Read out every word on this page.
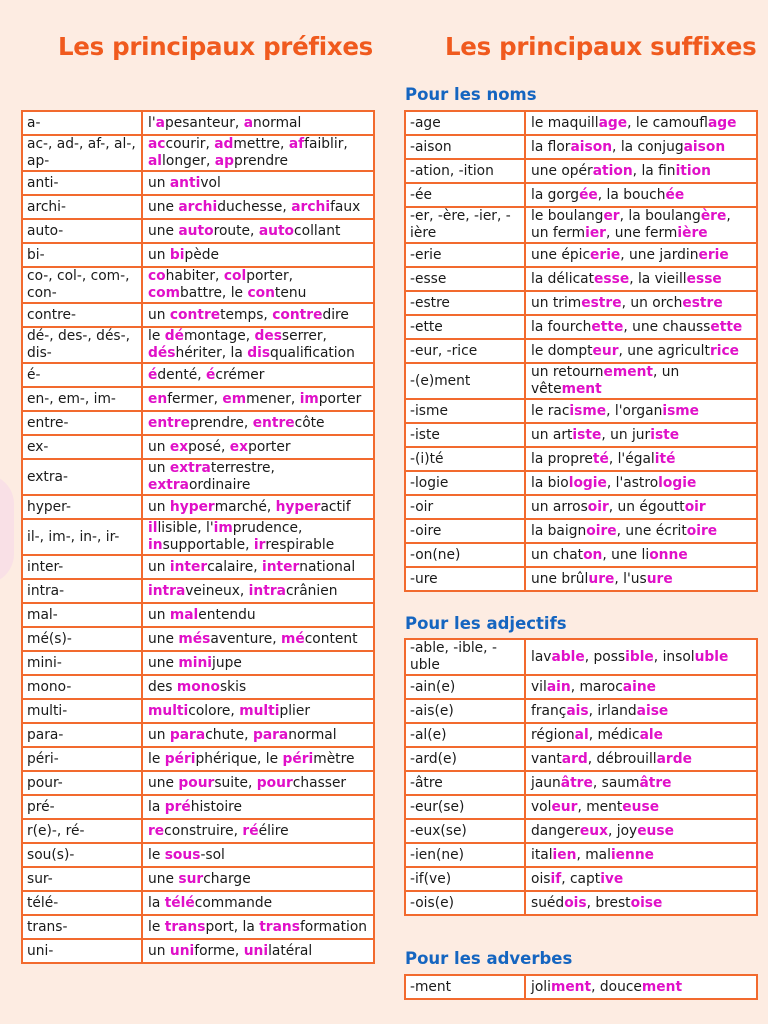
Les principaux préfixes	Les principaux suffixes
a-	l'apesanteur, anormal
ac-, ad-, af-, al-, ap-	accourir, admettre, affaiblir, allonger, apprendre
anti-	un antivol
archi-	une archiduchesse, archifaux
auto-	une autoroute, autocollant
bi-	un bipède
co-, col-, com-, con-	cohabiter, colporter, combattre, le contenu
contre-	un contretemps, contredire
dé-, des-, dés-, dis-	le démontage, desserrer, déshériter, la disqualification
é-	édenté, écrémer
en-, em-, im-	enfermer, emmener, importer
entre-	entreprendre, entrecôte
ex-	un exposé, exporter
extra-	un extraterrestre, extraordinaire
hyper-	un hypermarché, hyperactif
il-, im-, in-, ir-	illisible, l'imprudence, insupportable, irrespirable
inter-	un intercalaire, international
intra-	intraveineux, intracrânien
mal-	un malentendu
mé(s)-	une mésaventure, mécontent
mini-	une minijupe
mono-	des monoskis
multi-	multicolore, multiplier
para-	un parachute, paranormal
péri-	le périphérique, le périmètre
pour-	une poursuite, pourchasser
pré-	la préhistoire
r(e)-, ré-	reconstruire, réélire
sou(s)-	le sous-sol
sur-	une surcharge
télé-	la télécommande
trans-	le transport, la transformation
uni-	un uniforme, unilatéral
Pour les noms
-age	le maquillage, le camouflage
-aison	la floraison, la conjugaison
-ation, -ition	une opération, la finition
-ée	la gorgée, la bouchée
-er, -ère, -ier, -ière	le boulanger, la boulangère, un fermier, une fermière
-erie	une épicerie, une jardinerie
-esse	la délicatesse, la vieillesse
-estre	un trimestre, un orchestre
-ette	la fourchette, une chaussette
-eur, -rice	le dompteur, une agricultrice
-(e)ment	un retournement, un vêtement
-isme	le racisme, l'organisme
-iste	un artiste, un juriste
-(i)té	la propreté, l'égalité
-logie	la biologie, l'astrologie
-oir	un arrosoir, un égouttoir
-oire	la baignoire, une écritoire
-on(ne)	un chaton, une lionne
-ure	une brûlure, l'usure
Pour les adjectifs
-able, -ible, -uble	lavable, possible, insoluble
-ain(e)	vilain, marocaine
-ais(e)	français, irlandaise
-al(e)	régional, médicale
-ard(e)	vantard, débrouillarde
-âtre	jaunâtre, saumâtre
-eur(se)	voleur, menteuse
-eux(se)	dangereux, joyeuse
-ien(ne)	italien, malienne
-if(ve)	oisif, captive
-ois(e)	suédois, brestoise
Pour les adverbes
-ment	joliment, doucement
